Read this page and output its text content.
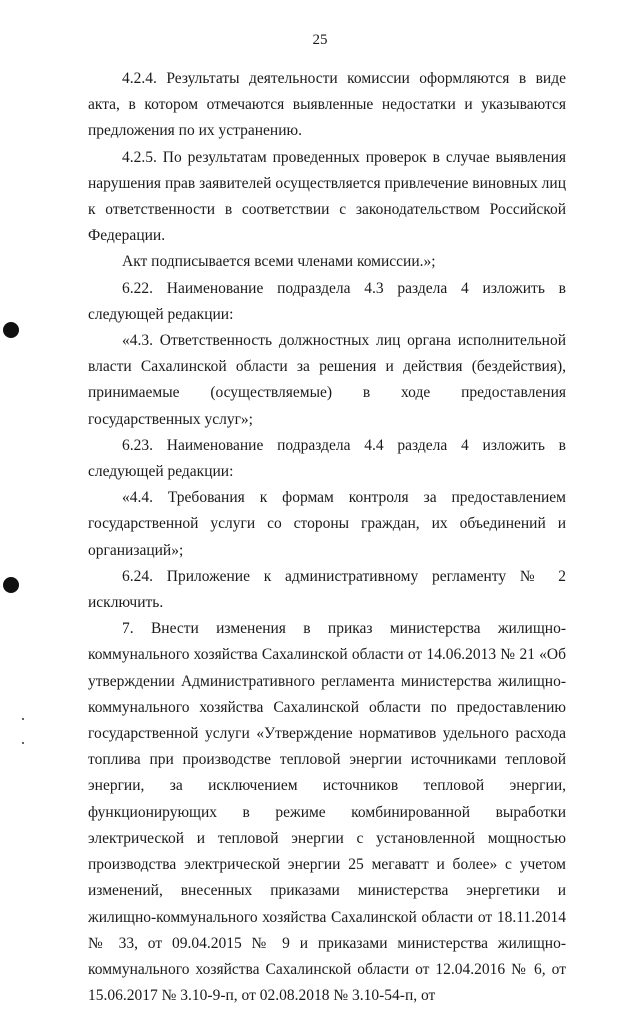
25

4.2.4. Результаты деятельности комиссии оформляются в виде акта, в котором отмечаются выявленные недостатки и указываются предложения по их устранению.

4.2.5. По результатам проведенных проверок в случае выявления нарушения прав заявителей осуществляется привлечение виновных лиц к ответственности в соответствии с законодательством Российской Федерации.

Акт подписывается всеми членами комиссии.»;

6.22. Наименование подраздела 4.3 раздела 4 изложить в следующей редакции:

«4.3. Ответственность должностных лиц органа исполнительной власти Сахалинской области за решения и действия (бездействия), принимаемые (осуществляемые) в ходе предоставления государственных услуг»;

6.23. Наименование подраздела 4.4 раздела 4 изложить в следующей редакции:

«4.4. Требования к формам контроля за предоставлением государственной услуги со стороны граждан, их объединений и организаций»;

6.24. Приложение к административному регламенту № 2 исключить.

7. Внести изменения в приказ министерства жилищно-коммунального хозяйства Сахалинской области от 14.06.2013 № 21 «Об утверждении Административного регламента министерства жилищно-коммунального хозяйства Сахалинской области по предоставлению государственной услуги «Утверждение нормативов удельного расхода топлива при производстве тепловой энергии источниками тепловой энергии, за исключением источников тепловой энергии, функционирующих в режиме комбинированной выработки электрической и тепловой энергии с установленной мощностью производства электрической энергии 25 мегаватт и более» с учетом изменений, внесенных приказами министерства энергетики и жилищно-коммунального хозяйства Сахалинской области от 18.11.2014 № 33, от 09.04.2015 № 9 и приказами министерства жилищно-коммунального хозяйства Сахалинской области от 12.04.2016 № 6, от 15.06.2017 № 3.10-9-п, от 02.08.2018 № 3.10-54-п, от
